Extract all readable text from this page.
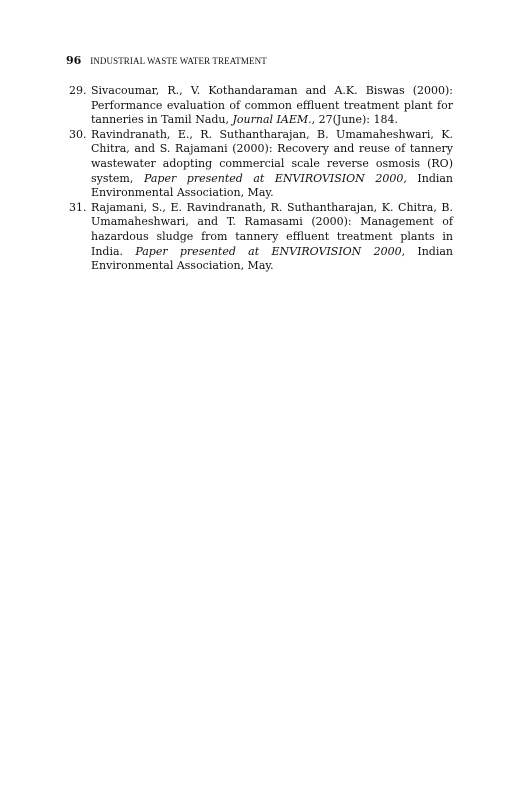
96 INDUSTRIAL WASTE WATER TREATMENT
29. Sivacoumar, R., V. Kothandaraman and A.K. Biswas (2000): Performance evaluation of common effluent treatment plant for tanneries in Tamil Nadu, Journal IAEM., 27(June): 184.
30. Ravindranath, E., R. Suthantharajan, B. Umamaheshwari, K. Chitra, and S. Rajamani (2000): Recovery and reuse of tannery wastewater adopting commercial scale reverse osmosis (RO) system, Paper presented at ENVIROVISION 2000, Indian Environmental Association, May.
31. Rajamani, S., E. Ravindranath, R. Suthantharajan, K. Chitra, B. Umamaheshwari, and T. Ramasami (2000): Management of hazardous sludge from tannery effluent treatment plants in India. Paper presented at ENVIROVISION 2000, Indian Environmental Association, May.
